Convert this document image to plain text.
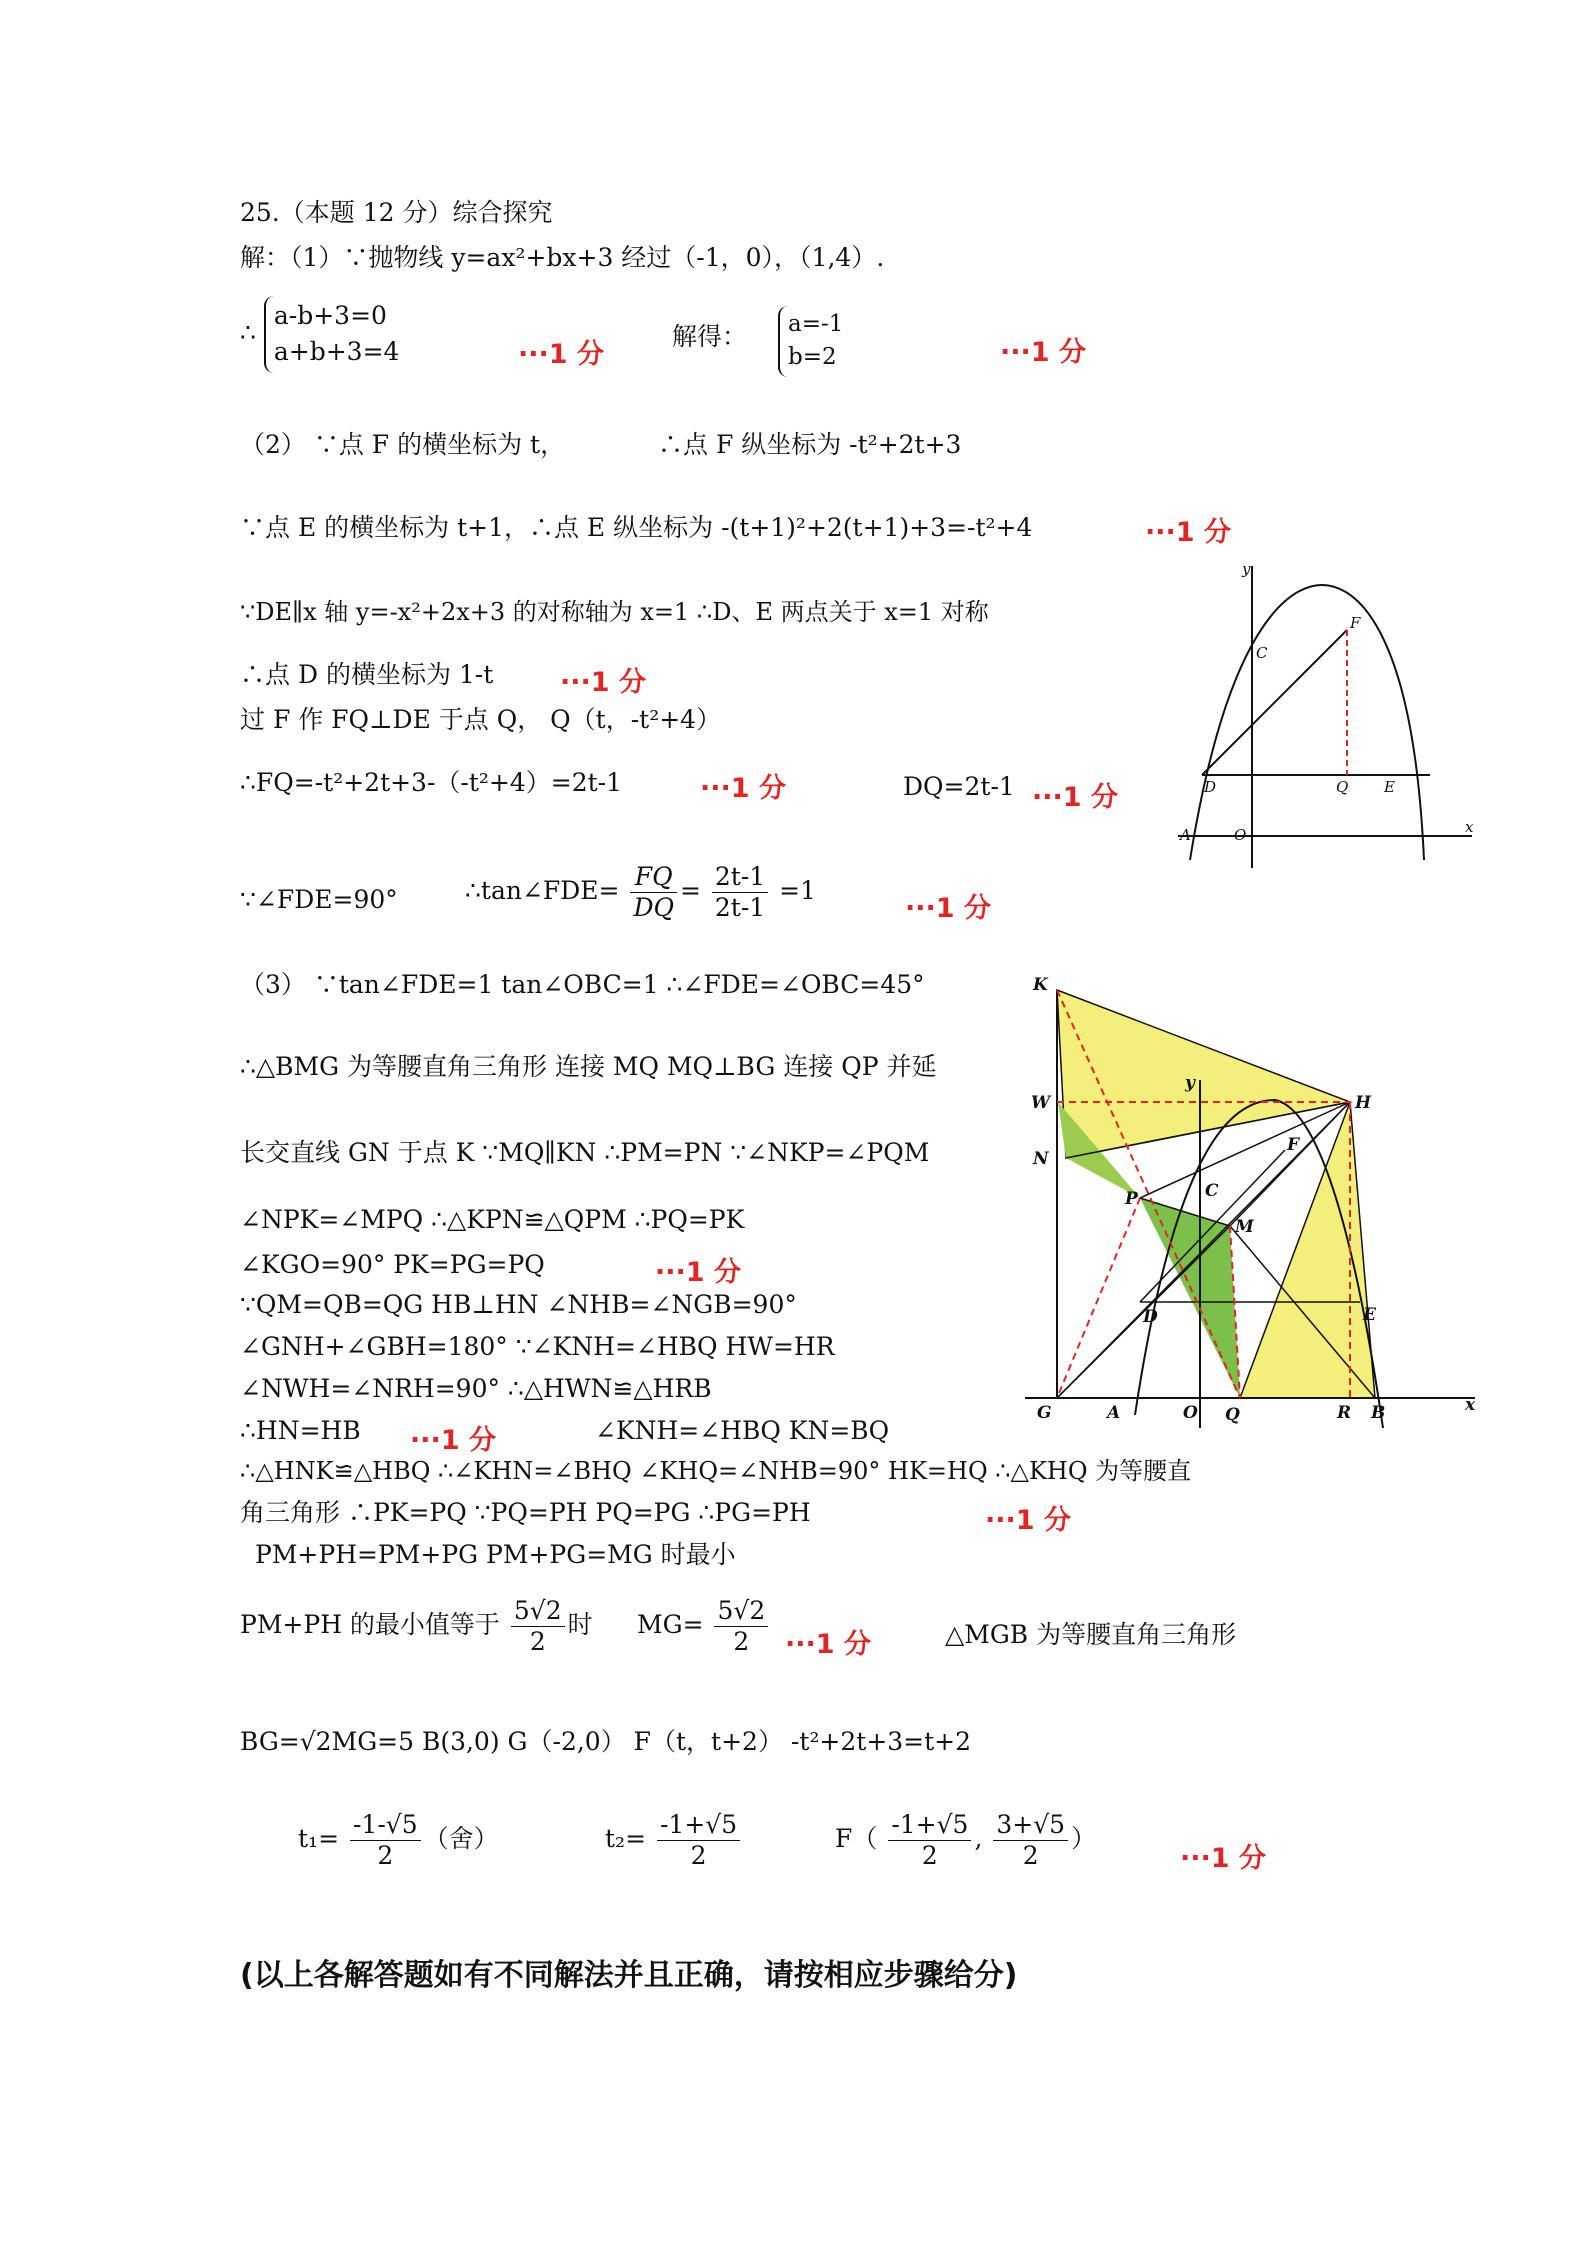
25.（本题 12 分）综合探究
解：（1）∵抛物线 y=ax²+bx+3 经过（-1，0），（1,4）.
∴
a-b+3=0
a+b+3=4	···1 分
解得： a=-1
b=2	···1 分
（2） ∵点 F 的横坐标为 t，	∴点 F 纵坐标为 -t²+2t+3
∵点 E 的横坐标为 t+1，∴点 E 纵坐标为 -(t+1)²+2(t+1)+3=-t²+4	···1 分
∵DE∥x 轴 y=-x²+2x+3 的对称轴为 x=1 ∴D、E 两点关于 x=1 对称
∴点 D 的横坐标为 1-t ···1 分
过 F 作 FQ⊥DE 于点 Q， Q（t，-t²+4）
∴FQ=-t²+2t+3-（-t²+4）=2t-1	···1 分	DQ=2t-1 ···1 分
∵∠FDE=90°	∴tan∠FDE= $\frac{FQ}{DQ} = \frac{2t-1}{2t-1} =1$
···1 分
（3） ∵tan∠FDE=1 tan∠OBC=1 ∴∠FDE=∠OBC=45°
∴△BMG 为等腰直角三角形 连接 MQ MQ⊥BG 连接 QP 并延
长交直线 GN 于点 K ∵MQ∥KN ∴PM=PN ∵∠NKP=∠PQM
∠NPK=∠MPQ ∴△KPN≌△QPM ∴PQ=PK
∠KGO=90° PK=PG=PQ	···1 分
∵QM=QB=QG HB⊥HN ∠NHB=∠NGB=90°
∠GNH+∠GBH=180° ∵∠KNH=∠HBQ HW=HR
∠NWH=∠NRH=90° ∴△HWN≌△HRB
∴HN=HB ···1 分	∠KNH=∠HBQ KN=BQ
∴△HNK≌△HBQ ∴∠KHN=∠BHQ ∠KHQ=∠NHB=90° HK=HQ ∴△KHQ 为等腰直
角三角形 ∴PK=PQ ∵PQ=PH PQ=PG ∴PG=PH	···1 分
PM+PH=PM+PG PM+PG=MG 时最小
PM+PH 的最小值等于 $\frac{5√2}{2}$ 时 $MG= \frac{5√2}{2} \cdot\cdot\cdot 1$ 分	△MGB 为等腰直角三角形
BG=√2MG=5 B(3,0) G（-2,0） F（t，t+2） -t²+2t+3=t+2
$t_1= \frac{-1-√5}{2}$ （舍）	$t_2= \frac{-1+√5}{2}$	$F( \frac{-1+√5}{2}$ , $\frac{3+√5}{2}$ ）
···1 分
(以上各解答题如有不同解法并且正确，请按相应步骤给分)
y
x
F
C
D	Q E
A	O
K
H
W
N
F
P	C
M
D	E
G	A	O Q	R B	x
y
